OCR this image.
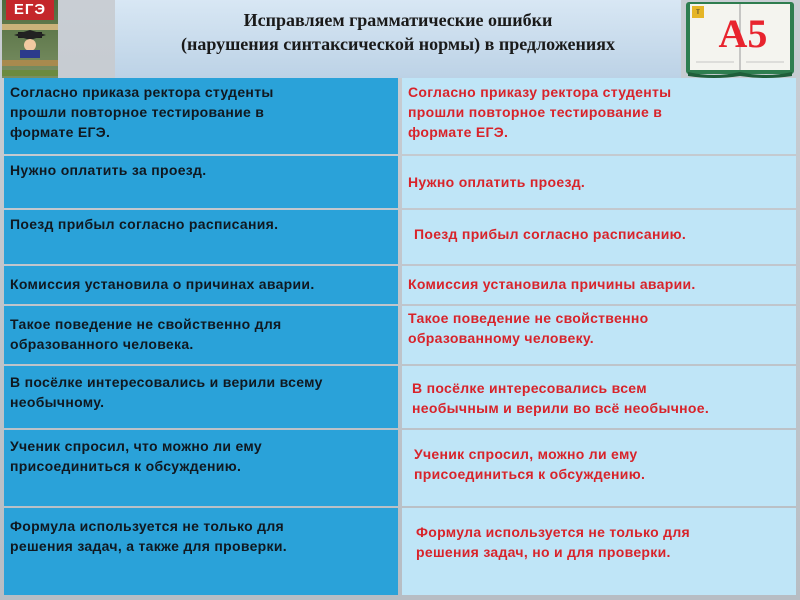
ЕГЭ
Исправляем грамматические ошибки
(нарушения синтаксической нормы) в предложениях
т А5
Согласно приказа ректора студенты
прошли повторное тестирование в
формате ЕГЭ.
Согласно приказу ректора студенты
прошли повторное тестирование в
формате ЕГЭ.
Нужно оплатить за проезд.
Нужно оплатить проезд.
Поезд прибыл согласно расписания.
Поезд прибыл согласно расписанию.
Комиссия установила о причинах аварии.	Комиссия установила причины аварии.
Такое поведение не свойственно для
образованного человека.
Такое поведение не свойственно
образованному человеку.
В посёлке интересовались и верили всему
необычному.
В посёлке интересовались всем
необычным и верили во всё необычное.
Ученик спросил, что можно ли ему
присоединиться к обсуждению.
Ученик спросил, можно ли ему
присоединиться к обсуждению.
Формула используется не только для
решения задач, а также для проверки.
Формула используется не только для
решения задач, но и для проверки.
